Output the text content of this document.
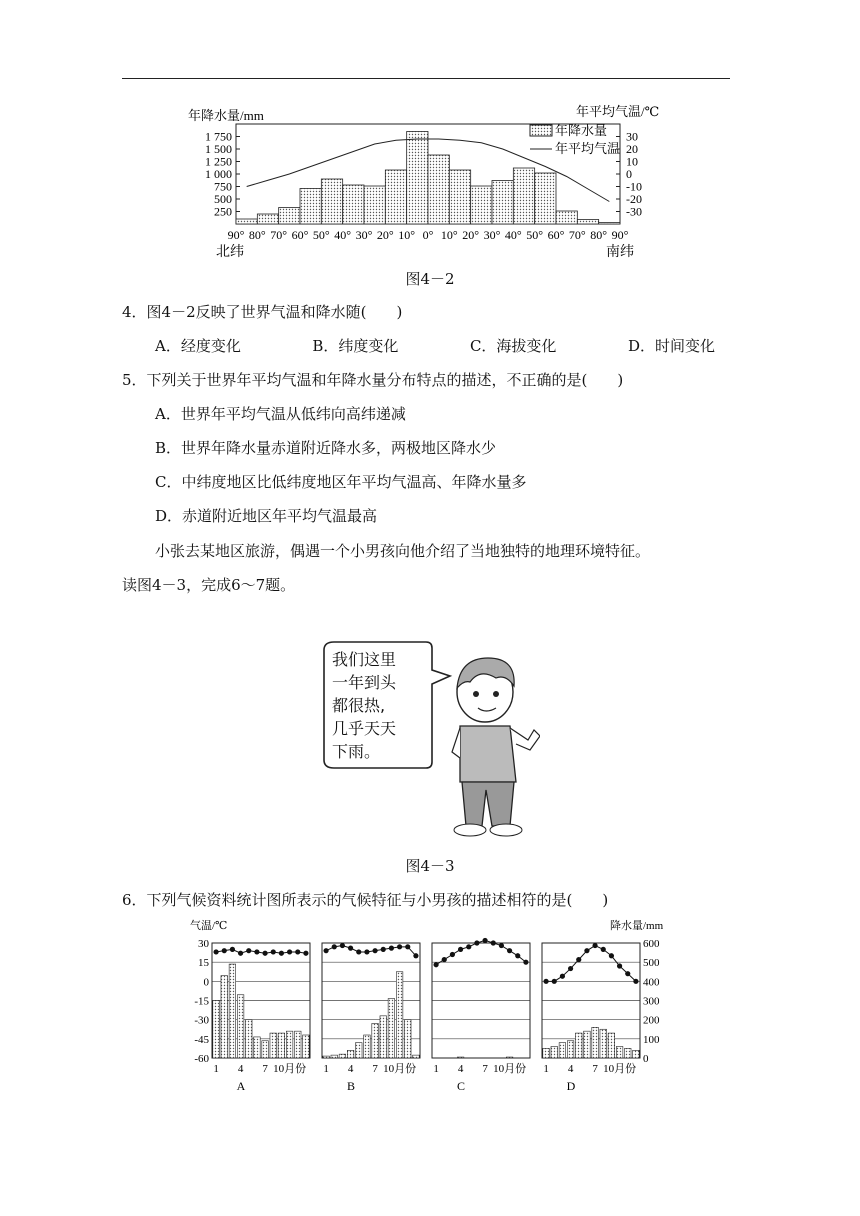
年降水量/mm	年平均气温/℃
1 750
1 500
1 250
1 000
750
500
250
30
20
10
0
-10
-20
-30
90° 80° 70° 60° 50° 40° 30° 20° 10° 0° 10° 20° 30° 40° 50° 60° 70° 80° 90°
北纬	南纬
年降水量
年平均气温
图4－2
4．图4－2反映了世界气温和降水随(　　)
A．经度变化	B．纬度变化	C．海拔变化	D．时间变化
5．下列关于世界年平均气温和年降水量分布特点的描述，不正确的是(　　)
A．世界年平均气温从低纬向高纬递减
B．世界年降水量赤道附近降水多，两极地区降水少
C．中纬度地区比低纬度地区年平均气温高、年降水量多
D．赤道附近地区年平均气温最高
小张去某地区旅游，偶遇一个小男孩向他介绍了当地独特的地理环境特征。
读图4－3，完成6～7题。
我们这里
一年到头
都很热,
几乎天天
下雨。
图4－3
6．下列气候资料统计图所表示的气候特征与小男孩的描述相符的是(　　)
气温/℃	降水量/mm
30
15
0
-15
-30
-45
-60
600
500
400
300
200
100
0
1 4 7 10月份
A
1 4 7 10月份
B
1 4 7 10月份
C
1 4 7 10月份
D
